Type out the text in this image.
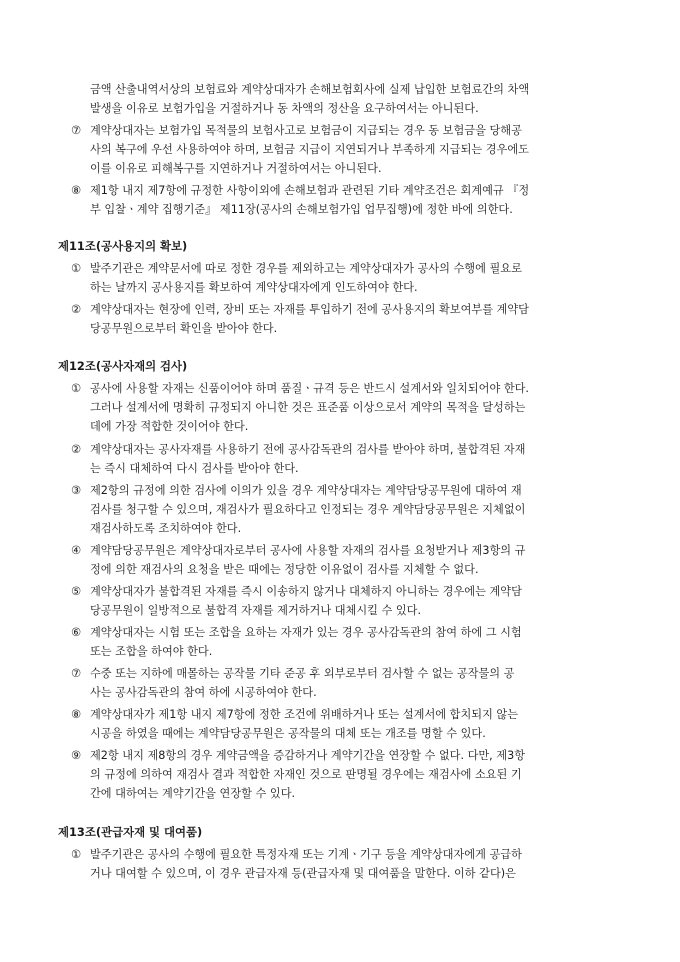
금액 산출내역서상의 보험료와 계약상대자가 손해보험회사에 실제 납입한 보험료간의 차액
발생을 이유로 보험가입을 거절하거나 동 차액의 정산을 요구하여서는 아니된다.
⑦ 계약상대자는 보험가입 목적물의 보험사고로 보험금이 지급되는 경우 동 보험금을 당해공
사의 복구에 우선 사용하여야 하며, 보험금 지급이 지연되거나 부족하게 지급되는 경우에도
이를 이유로 피해복구를 지연하거나 거절하여서는 아니된다.
⑧ 제1항 내지 제7항에 규정한 사항이외에 손해보험과 관련된 기타 계약조건은 회계예규 『정
부 입찰ㆍ계약 집행기준』 제11장(공사의 손해보험가입 업무집행)에 정한 바에 의한다.
제11조(공사용지의 확보)
① 발주기관은 계약문서에 따로 정한 경우를 제외하고는 계약상대자가 공사의 수행에 필요로
하는 날까지 공사용지를 확보하여 계약상대자에게 인도하여야 한다.
② 계약상대자는 현장에 인력, 장비 또는 자재를 투입하기 전에 공사용지의 확보여부를 계약담
당공무원으로부터 확인을 받아야 한다.
제12조(공사자재의 검사)
① 공사에 사용할 자재는 신품이어야 하며 품질ㆍ규격 등은 반드시 설계서와 일치되어야 한다.
그러나 설계서에 명확히 규정되지 아니한 것은 표준품 이상으로서 계약의 목적을 달성하는
데에 가장 적합한 것이어야 한다.
② 계약상대자는 공사자재를 사용하기 전에 공사감독관의 검사를 받아야 하며, 불합격된 자재
는 즉시 대체하여 다시 검사를 받아야 한다.
③ 제2항의 규정에 의한 검사에 이의가 있을 경우 계약상대자는 계약담당공무원에 대하여 재
검사를 청구할 수 있으며, 재검사가 필요하다고 인정되는 경우 계약담당공무원은 지체없이
재검사하도록 조치하여야 한다.
④ 계약담당공무원은 계약상대자로부터 공사에 사용할 자재의 검사를 요청받거나 제3항의 규
정에 의한 재검사의 요청을 받은 때에는 정당한 이유없이 검사를 지체할 수 없다.
⑤ 계약상대자가 불합격된 자재를 즉시 이송하지 않거나 대체하지 아니하는 경우에는 계약담
당공무원이 일방적으로 불합격 자재를 제거하거나 대체시킬 수 있다.
⑥ 계약상대자는 시험 또는 조합을 요하는 자재가 있는 경우 공사감독관의 참여 하에 그 시험
또는 조합을 하여야 한다.
⑦ 수중 또는 지하에 매몰하는 공작물 기타 준공 후 외부로부터 검사할 수 없는 공작물의 공
사는 공사감독관의 참여 하에 시공하여야 한다.
⑧ 계약상대자가 제1항 내지 제7항에 정한 조건에 위배하거나 또는 설계서에 합치되지 않는
시공을 하였을 때에는 계약담당공무원은 공작물의 대체 또는 개조를 명할 수 있다.
⑨ 제2항 내지 제8항의 경우 계약금액을 증감하거나 계약기간을 연장할 수 없다. 다만, 제3항
의 규정에 의하여 재검사 결과 적합한 자재인 것으로 판명될 경우에는 재검사에 소요된 기
간에 대하여는 계약기간을 연장할 수 있다.
제13조(관급자재 및 대여품)
① 발주기관은 공사의 수행에 필요한 특정자재 또는 기계ㆍ기구 등을 계약상대자에게 공급하
거나 대여할 수 있으며, 이 경우 관급자재 등(관급자재 및 대여품을 말한다. 이하 같다)은
